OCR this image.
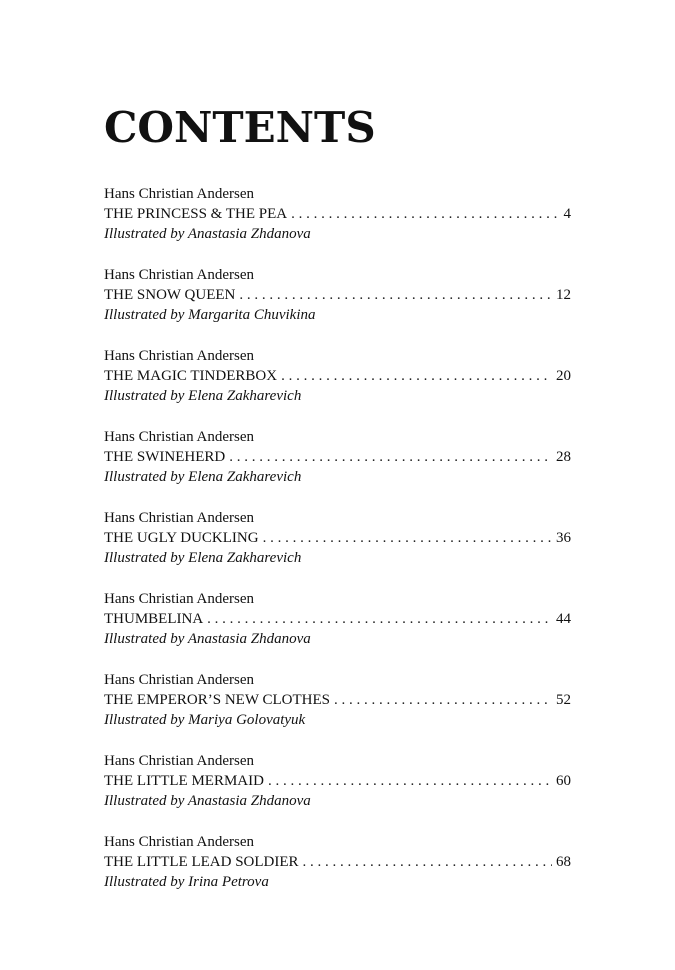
CONTENTS
Hans Christian Andersen
THE PRINCESS & THE PEA . . .	4
Illustrated by Anastasia Zhdanova
Hans Christian Andersen
THE SNOW QUEEN . . .	12
Illustrated by Margarita Chuvikina
Hans Christian Andersen
THE MAGIC TINDERBOX . . .	20
Illustrated by Elena Zakharevich
Hans Christian Andersen
THE SWINEHERD . . .	28
Illustrated by Elena Zakharevich
Hans Christian Andersen
THE UGLY DUCKLING . . .	36
Illustrated by Elena Zakharevich
Hans Christian Andersen
THUMBELINA . . .	44
Illustrated by Anastasia Zhdanova
Hans Christian Andersen
THE EMPEROR’S NEW CLOTHES . . .	52
Illustrated by Mariya Golovatyuk
Hans Christian Andersen
THE LITTLE MERMAID . . .	60
Illustrated by Anastasia Zhdanova
Hans Christian Andersen
THE LITTLE LEAD SOLDIER . . .	68
Illustrated by Irina Petrova
